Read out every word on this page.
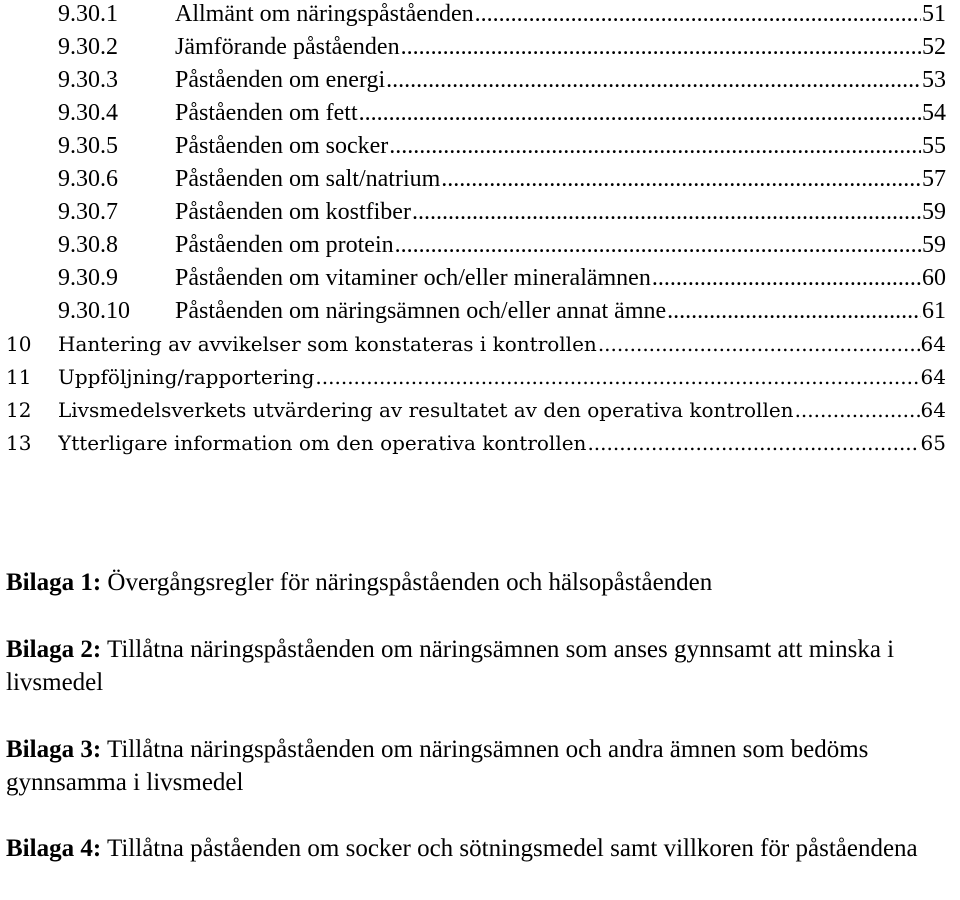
9.30.1 Allmänt om näringspåståenden .....	51
9.30.2 Jämförande påståenden .....	52
9.30.3 Påståenden om energi .....	53
9.30.4 Påståenden om fett .....	54
9.30.5 Påståenden om socker .....	55
9.30.6 Påståenden om salt/natrium .....	57
9.30.7 Påståenden om kostfiber .....	59
9.30.8 Påståenden om protein .....	59
9.30.9 Påståenden om vitaminer och/eller mineralämnen .....	60
9.30.10 Påståenden om näringsämnen och/eller annat ämne .....	61
10 Hantering av avvikelser som konstateras i kontrollen .....	64
11 Uppföljning/rapportering .....	64
12 Livsmedelsverkets utvärdering av resultatet av den operativa kontrollen .....	64
13 Ytterligare information om den operativa kontrollen .....	65
Bilaga 1: Övergångsregler för näringspåståenden och hälsopåståenden
Bilaga 2: Tillåtna näringspåståenden om näringsämnen som anses gynnsamt att minska i livsmedel
Bilaga 3: Tillåtna näringspåståenden om näringsämnen och andra ämnen som bedöms gynnsamma i livsmedel
Bilaga 4: Tillåtna påståenden om socker och sötningsmedel samt villkoren för påståendena
